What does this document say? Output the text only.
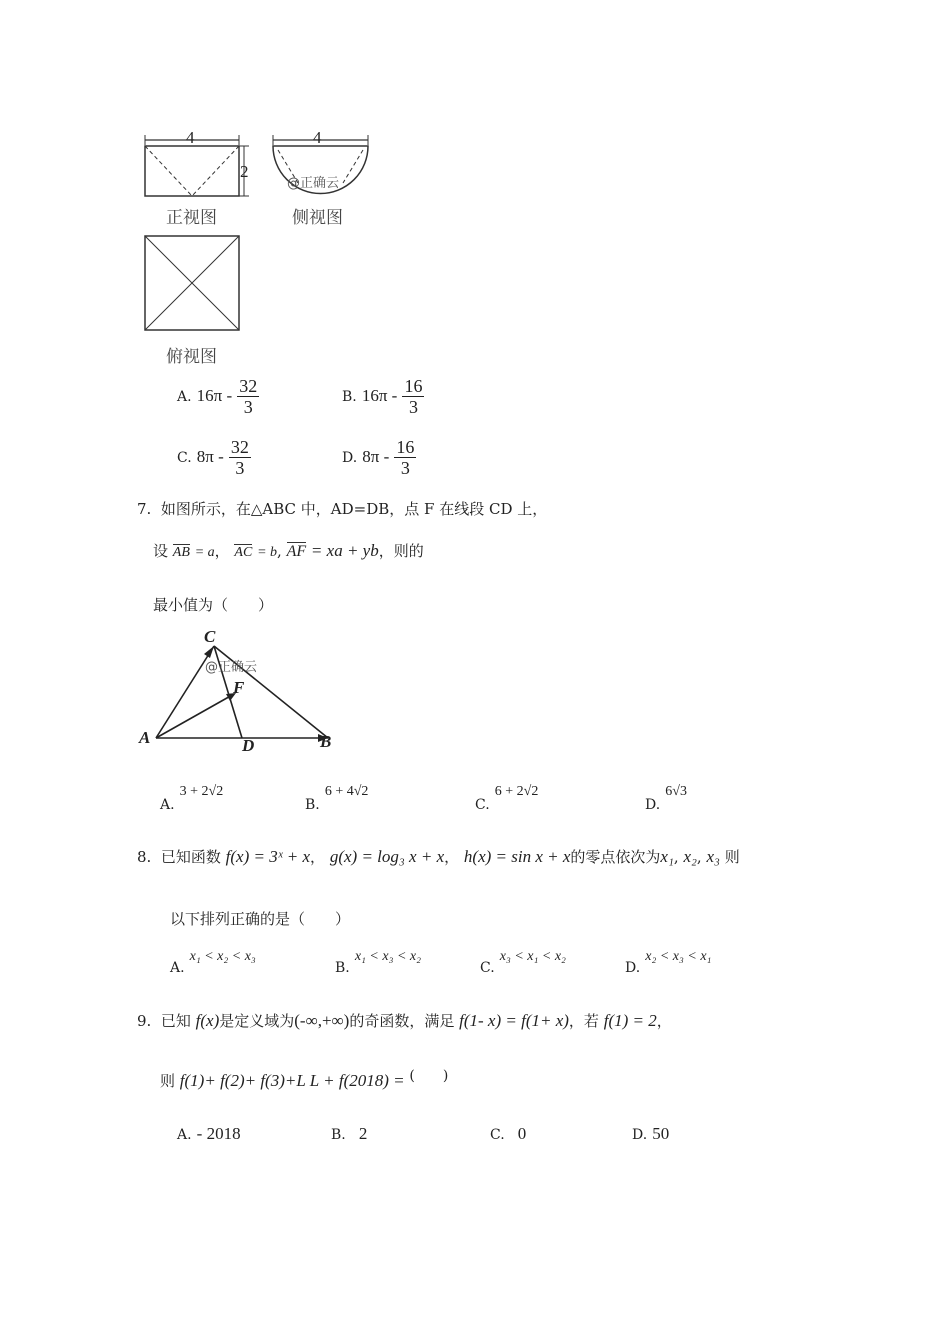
4
2
4
@正确云
正视图	侧视图
俯视图
A. $16\pi - \frac{32}{3}$	B. $16\pi - \frac{16}{3}$
C. $8\pi - \frac{32}{3}$	D. $8\pi - \frac{16}{3}$
7. 如图所示，在△ABC 中，AD=DB，点 F 在线段 CD 上，
设 AB = a， AC = b, AF = xa + yb，则的
最小值为（　　）
C
F
A	D	B
@正确云
A. 3 + 2√2
B. 6 + 4√2
C. 6 + 2√2
D. 6√3
8. 已知函数 f(x) = 3ˣ + x， g(x) = log₃ x + x， h(x) = sin x + x的零点依次为x₁, x₂, x₃ 则
以下排列正确的是（　　）
A. x₁ < x₂ < x₃
B. x₁ < x₃ < x₂
C. x₃ < x₁ < x₂
D. x₂ < x₃ < x₁
9. 已知 f(x)是定义域为(-∞,+∞)的奇函数，满足 f(1- x) = f(1+ x)，若 f(1) = 2，
则 f(1)+ f(2)+ f(3)+L L + f(2018) = (　　)
A. - 2018	B. 2	C. 0	D. 50
